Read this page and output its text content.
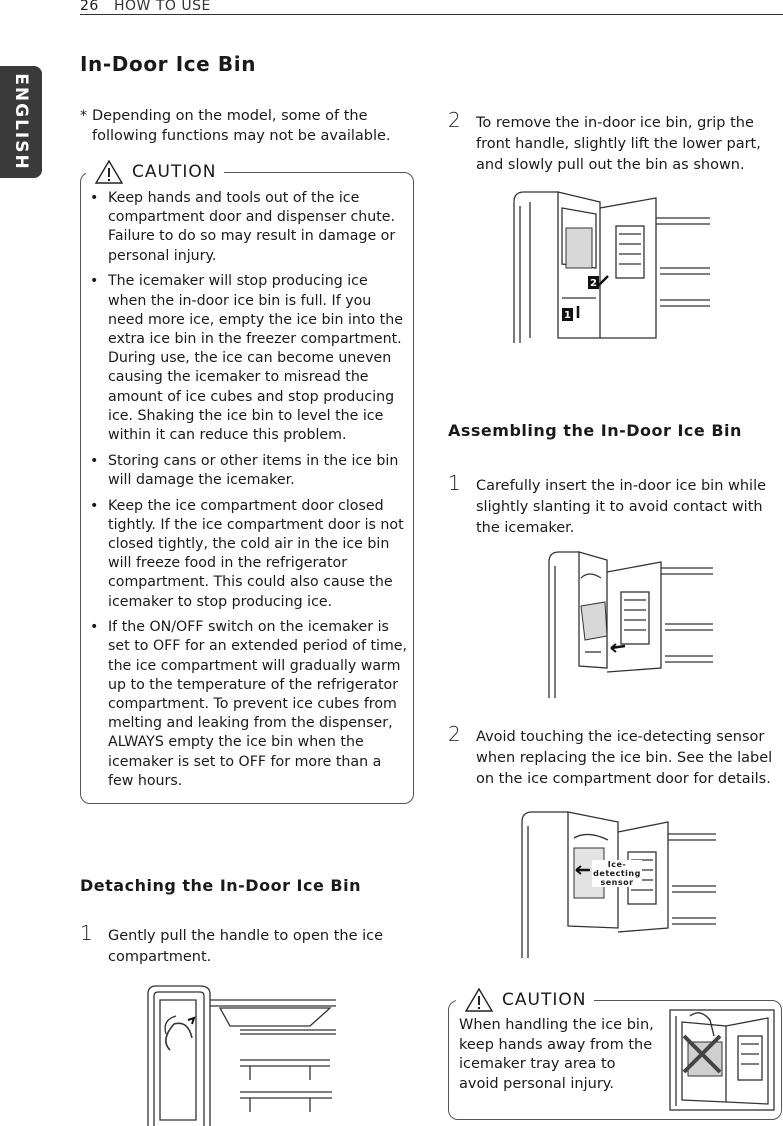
26 HOW TO USE
ENGLISH
In-Door Ice Bin
* Depending on the model, some of the following functions may not be available.
CAUTION
• Keep hands and tools out of the ice compartment door and dispenser chute. Failure to do so may result in damage or personal injury.
• The icemaker will stop producing ice when the in-door ice bin is full. If you need more ice, empty the ice bin into the extra ice bin in the freezer compartment. During use, the ice can become uneven causing the icemaker to misread the amount of ice cubes and stop producing ice. Shaking the ice bin to level the ice within it can reduce this problem.
• Storing cans or other items in the ice bin will damage the icemaker.
• Keep the ice compartment door closed tightly. If the ice compartment door is not closed tightly, the cold air in the ice bin will freeze food in the refrigerator compartment. This could also cause the icemaker to stop producing ice.
• If the ON/OFF switch on the icemaker is set to OFF for an extended period of time, the ice compartment will gradually warm up to the temperature of the refrigerator compartment. To prevent ice cubes from melting and leaking from the dispenser, ALWAYS empty the ice bin when the icemaker is set to OFF for more than a few hours.
Detaching the In-Door Ice Bin
1 Gently pull the handle to open the ice compartment.
2 To remove the in-door ice bin, grip the front handle, slightly lift the lower part, and slowly pull out the bin as shown.
2
1
Assembling the In-Door Ice Bin
1 Carefully insert the in-door ice bin while slightly slanting it to avoid contact with the icemaker.
2 Avoid touching the ice-detecting sensor when replacing the ice bin. See the label on the ice compartment door for details.
Ice-detecting sensor
CAUTION
When handling the ice bin, keep hands away from the icemaker tray area to avoid personal injury.
